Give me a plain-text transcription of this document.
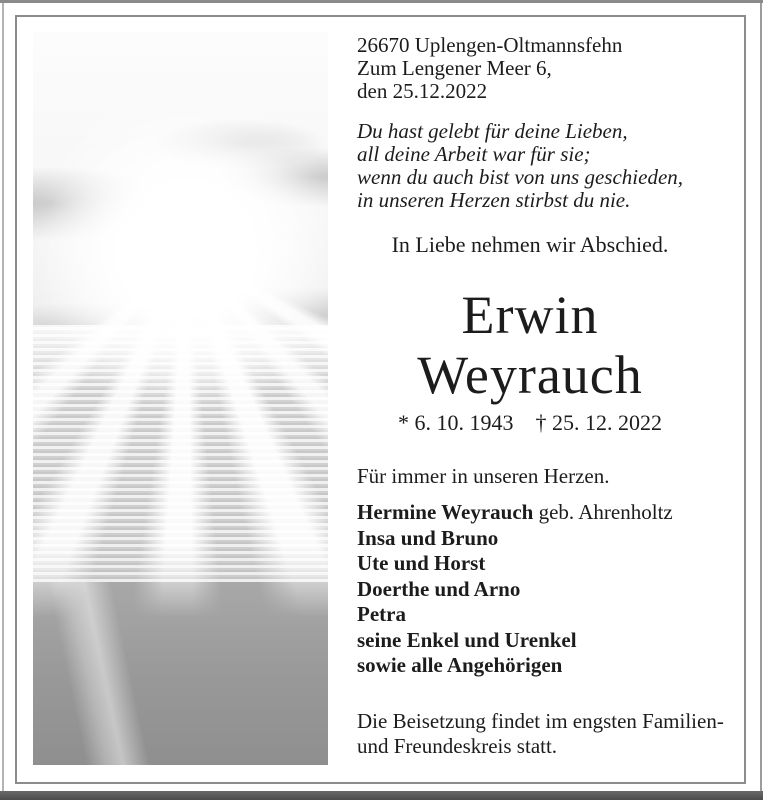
26670 Uplengen-Oltmannsfehn
Zum Lengener Meer 6,
den 25.12.2022
Du hast gelebt für deine Lieben,
all deine Arbeit war für sie;
wenn du auch bist von uns geschieden,
in unseren Herzen stirbst du nie.
In Liebe nehmen wir Abschied.
Erwin
Weyrauch
* 6. 10. 1943 † 25. 12. 2022
Für immer in unseren Herzen.
Hermine Weyrauch geb. Ahrenholtz
Insa und Bruno
Ute und Horst
Doerthe und Arno
Petra
seine Enkel und Urenkel
sowie alle Angehörigen
Die Beisetzung findet im engsten Familien-
und Freundeskreis statt.
